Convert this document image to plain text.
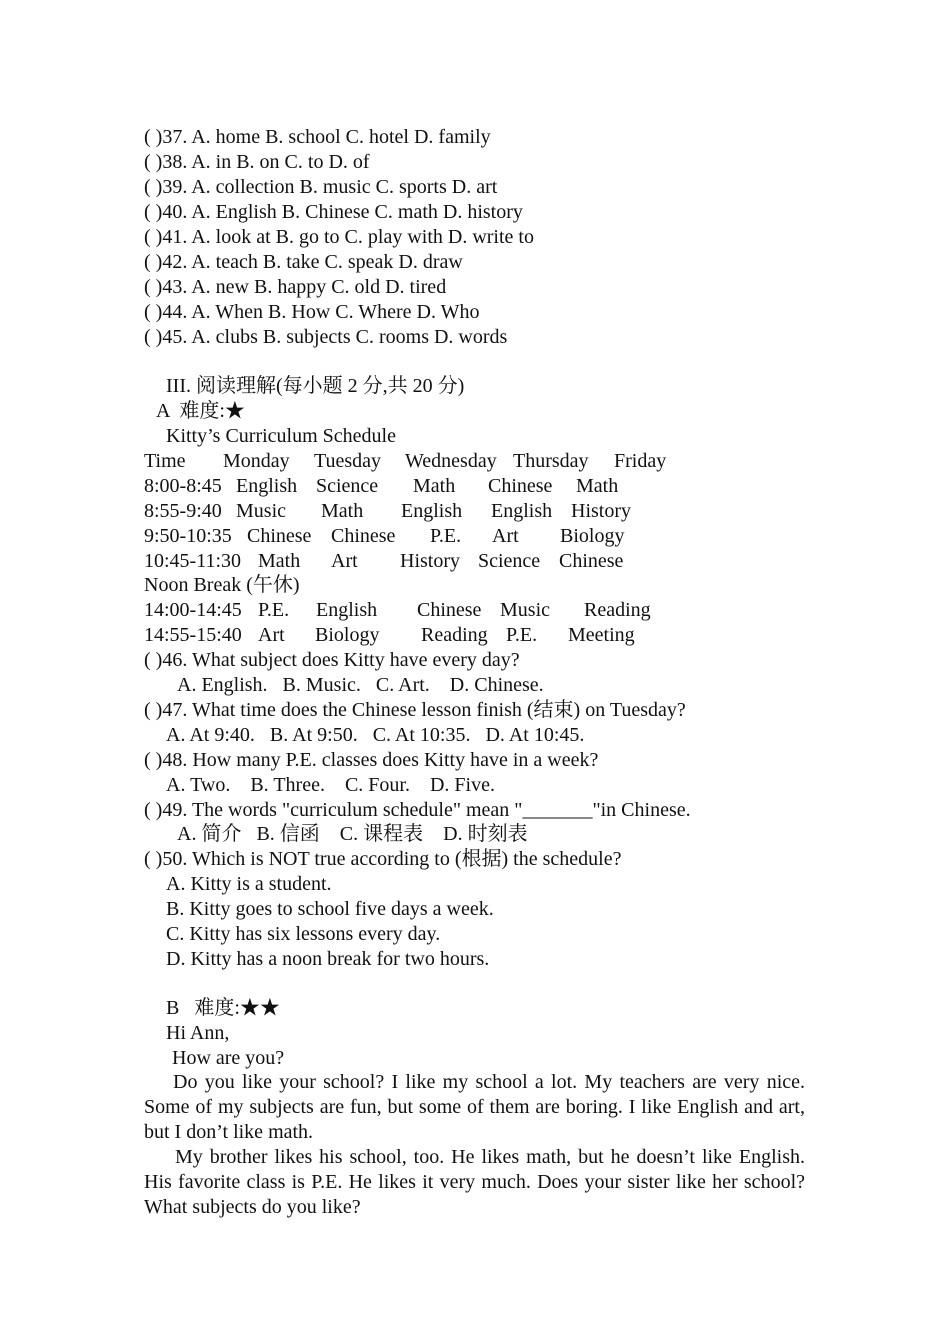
( )37. A. home B. school C. hotel D. family
( )38. A. in B. on C. to D. of
( )39. A. collection B. music C. sports D. art
( )40. A. English B. Chinese C. math D. history
( )41. A. look at B. go to C. play with D. write to
( )42. A. teach B. take C. speak D. draw
( )43. A. new B. happy C. old D. tired
( )44. A. When B. How C. Where D. Who
( )45. A. clubs B. subjects C. rooms D. words
III. 阅读理解(每小题 2 分,共 20 分)
A  难度:★
Kitty’s Curriculum Schedule
Time Monday Tuesday Wednesday Thursday Friday
8:00-8:45 English Science Math Chinese Math
8:55-9:40 Music Math English English History
9:50-10:35 Chinese Chinese P.E. Art Biology
10:45-11:30 Math Art History Science Chinese
Noon Break (午休)
14:00-14:45 P.E. English Chinese Music Reading
14:55-15:40 Art Biology Reading P.E. Meeting
( )46. What subject does Kitty have every day?
A. English.   B. Music.   C. Art.    D. Chinese.
( )47. What time does the Chinese lesson finish (结束) on Tuesday?
A. At 9:40.   B. At 9:50.   C. At 10:35.   D. At 10:45.
( )48. How many P.E. classes does Kitty have in a week?
A. Two.    B. Three.    C. Four.    D. Five.
( )49. The words "curriculum schedule" mean "_______"in Chinese.
A. 简介   B. 信函    C. 课程表    D. 时刻表
( )50. Which is NOT true according to (根据) the schedule?
A. Kitty is a student.
B. Kitty goes to school five days a week.
C. Kitty has six lessons every day.
D. Kitty has a noon break for two hours.
B   难度:★★
Hi Ann,
How are you?
Do you like your school? I like my school a lot. My teachers are very nice. Some of my subjects are fun, but some of them are boring. I like English and art, but I don’t like math.
My brother likes his school, too. He likes math, but he doesn’t like English. His favorite class is P.E. He likes it very much. Does your sister like her school? What subjects do you like?
